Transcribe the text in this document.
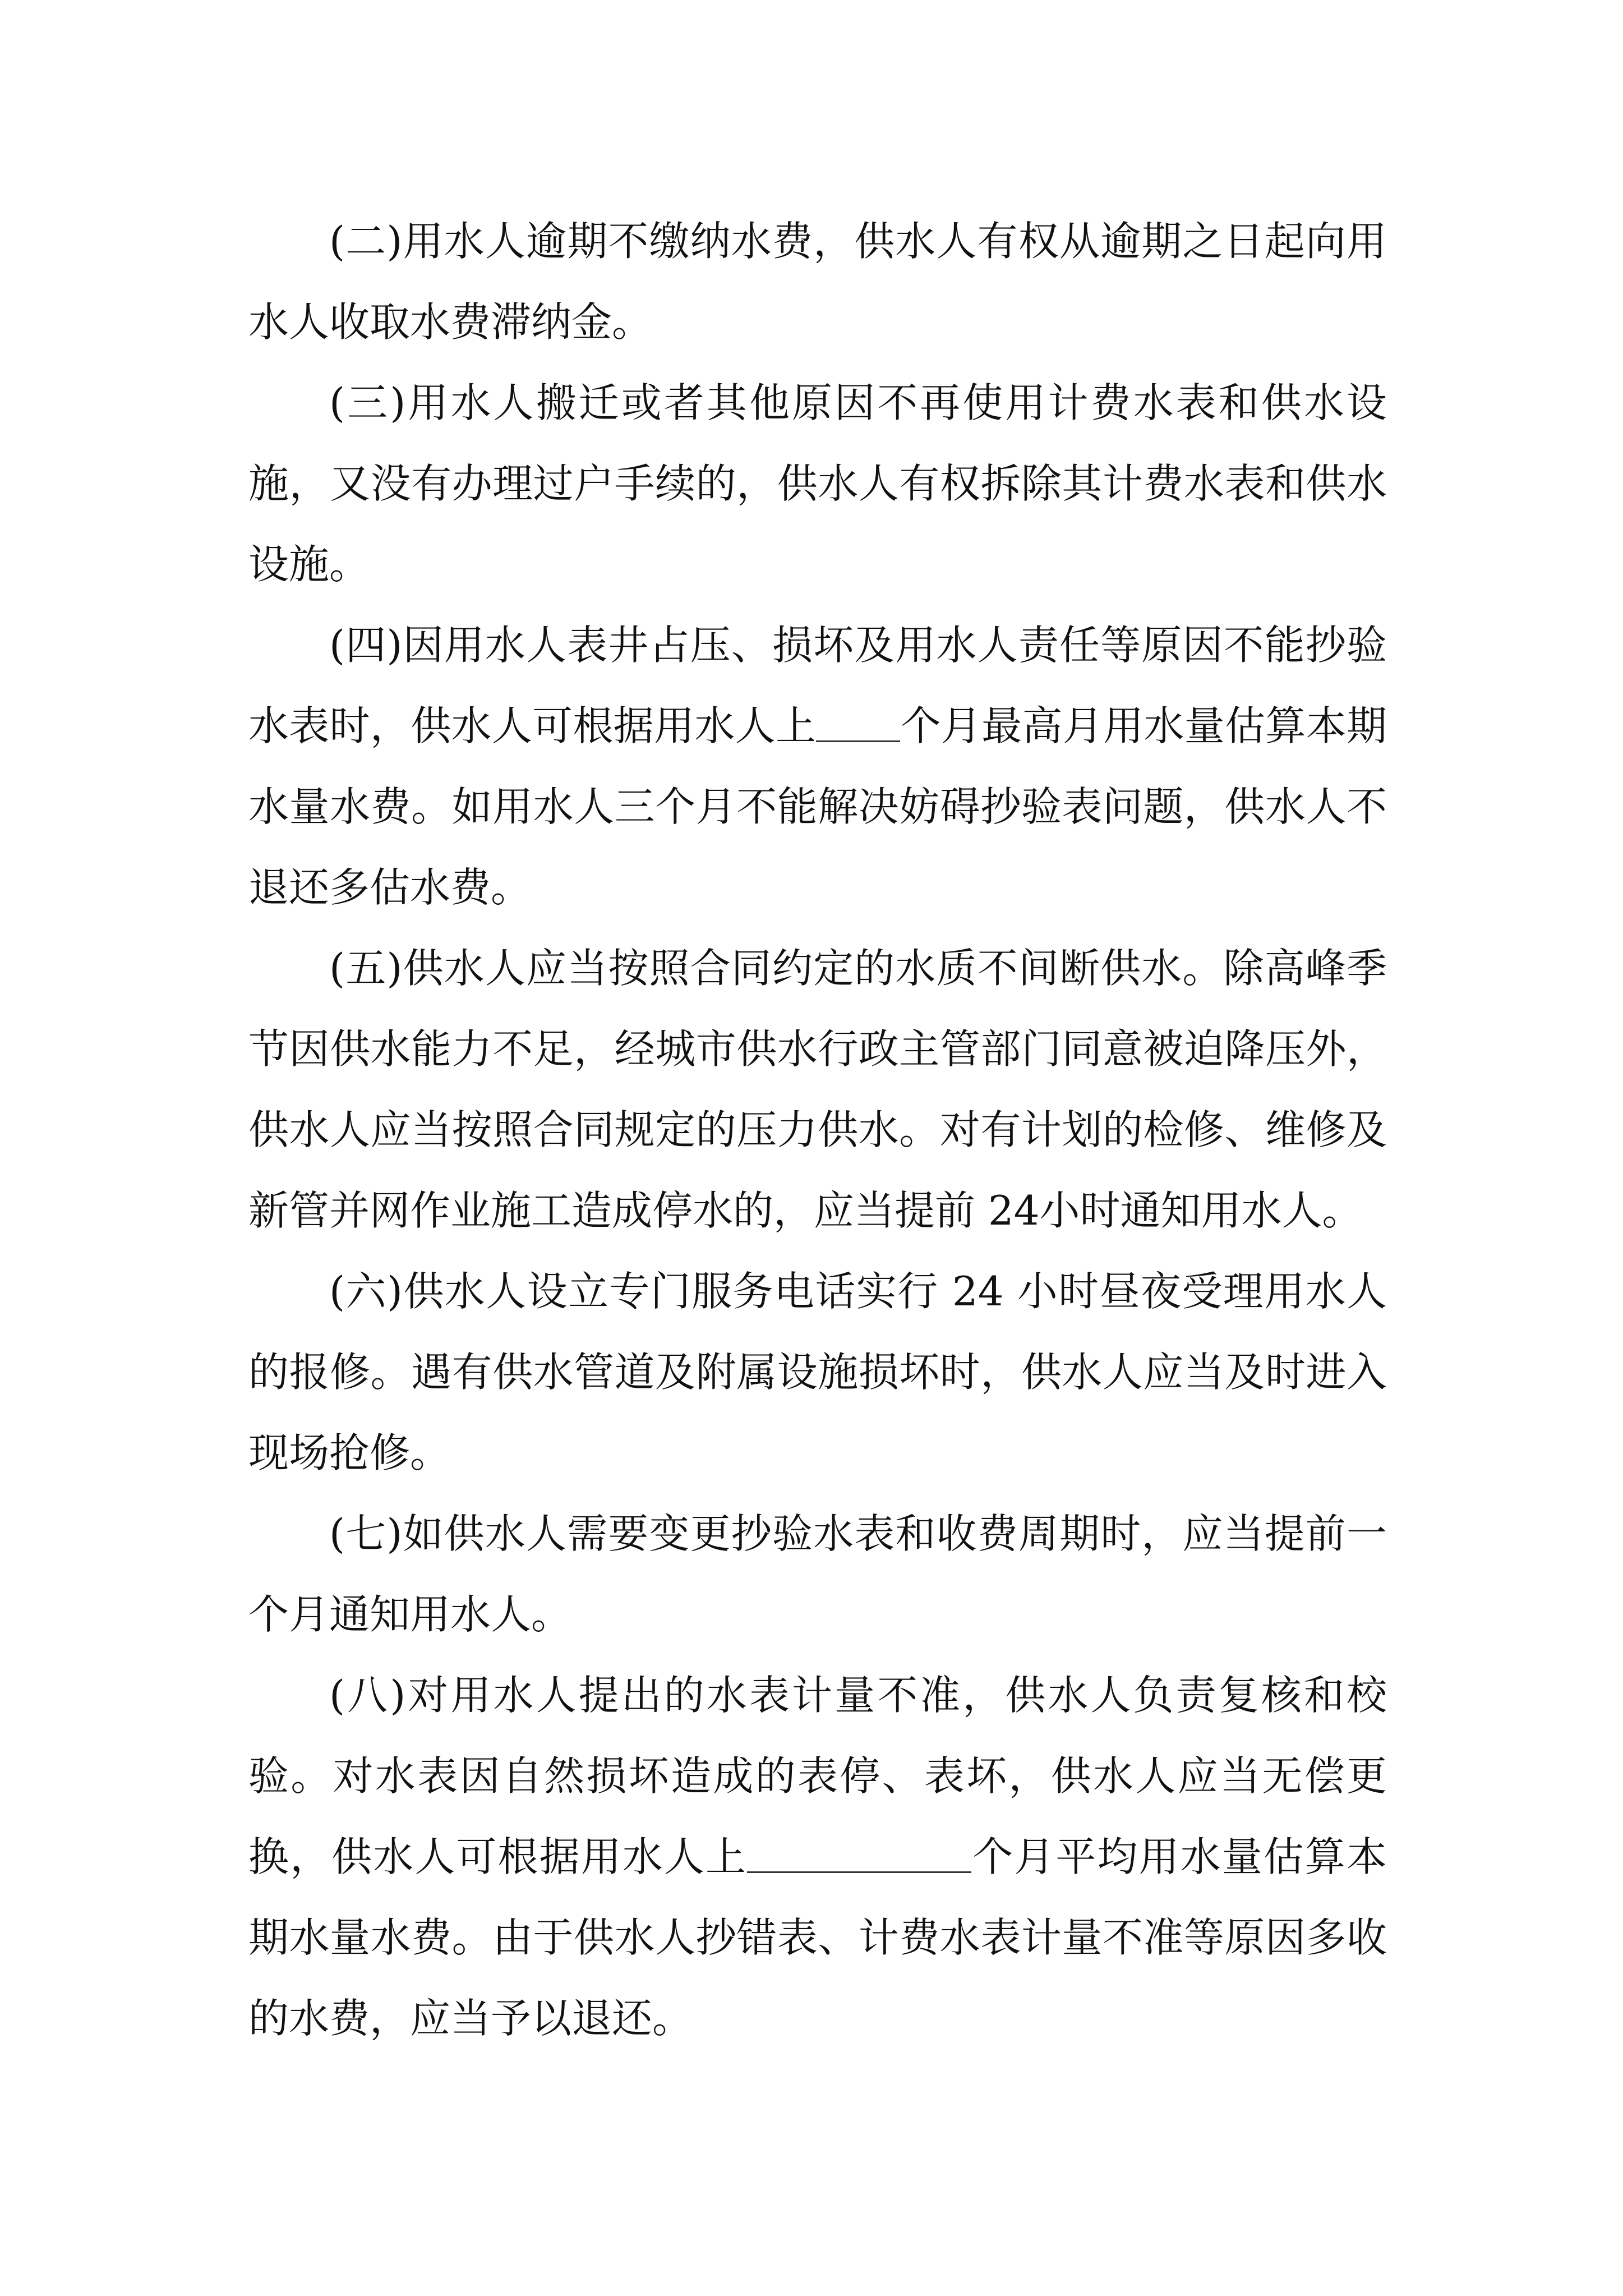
(二)用水人逾期不缴纳水费，供水人有权从逾期之日起向用水人收取水费滞纳金。

(三)用水人搬迁或者其他原因不再使用计费水表和供水设施，又没有办理过户手续的，供水人有权拆除其计费水表和供水设施。

(四)因用水人表井占压、损坏及用水人责任等原因不能抄验水表时，供水人可根据用水人上 个月最高月用水量估算本期水量水费。如用水人三个月不能解决妨碍抄验表问题，供水人不退还多估水费。

(五)供水人应当按照合同约定的水质不间断供水。除高峰季节因供水能力不足，经城市供水行政主管部门同意被迫降压外，供水人应当按照合同规定的压力供水。对有计划的检修、维修及新管并网作业施工造成停水的，应当提前 24小时通知用水人。

(六)供水人设立专门服务电话实行 24 小时昼夜受理用水人的报修。遇有供水管道及附属设施损坏时，供水人应当及时进入现场抢修。

(七)如供水人需要变更抄验水表和收费周期时，应当提前一个月通知用水人。

(八)对用水人提出的水表计量不准，供水人负责复核和校验。对水表因自然损坏造成的表停、表坏，供水人应当无偿更换，供水人可根据用水人上	个月平均用水量估算本期水量水费。由于供水人抄错表、计费水表计量不准等原因多收的水费，应当予以退还。
